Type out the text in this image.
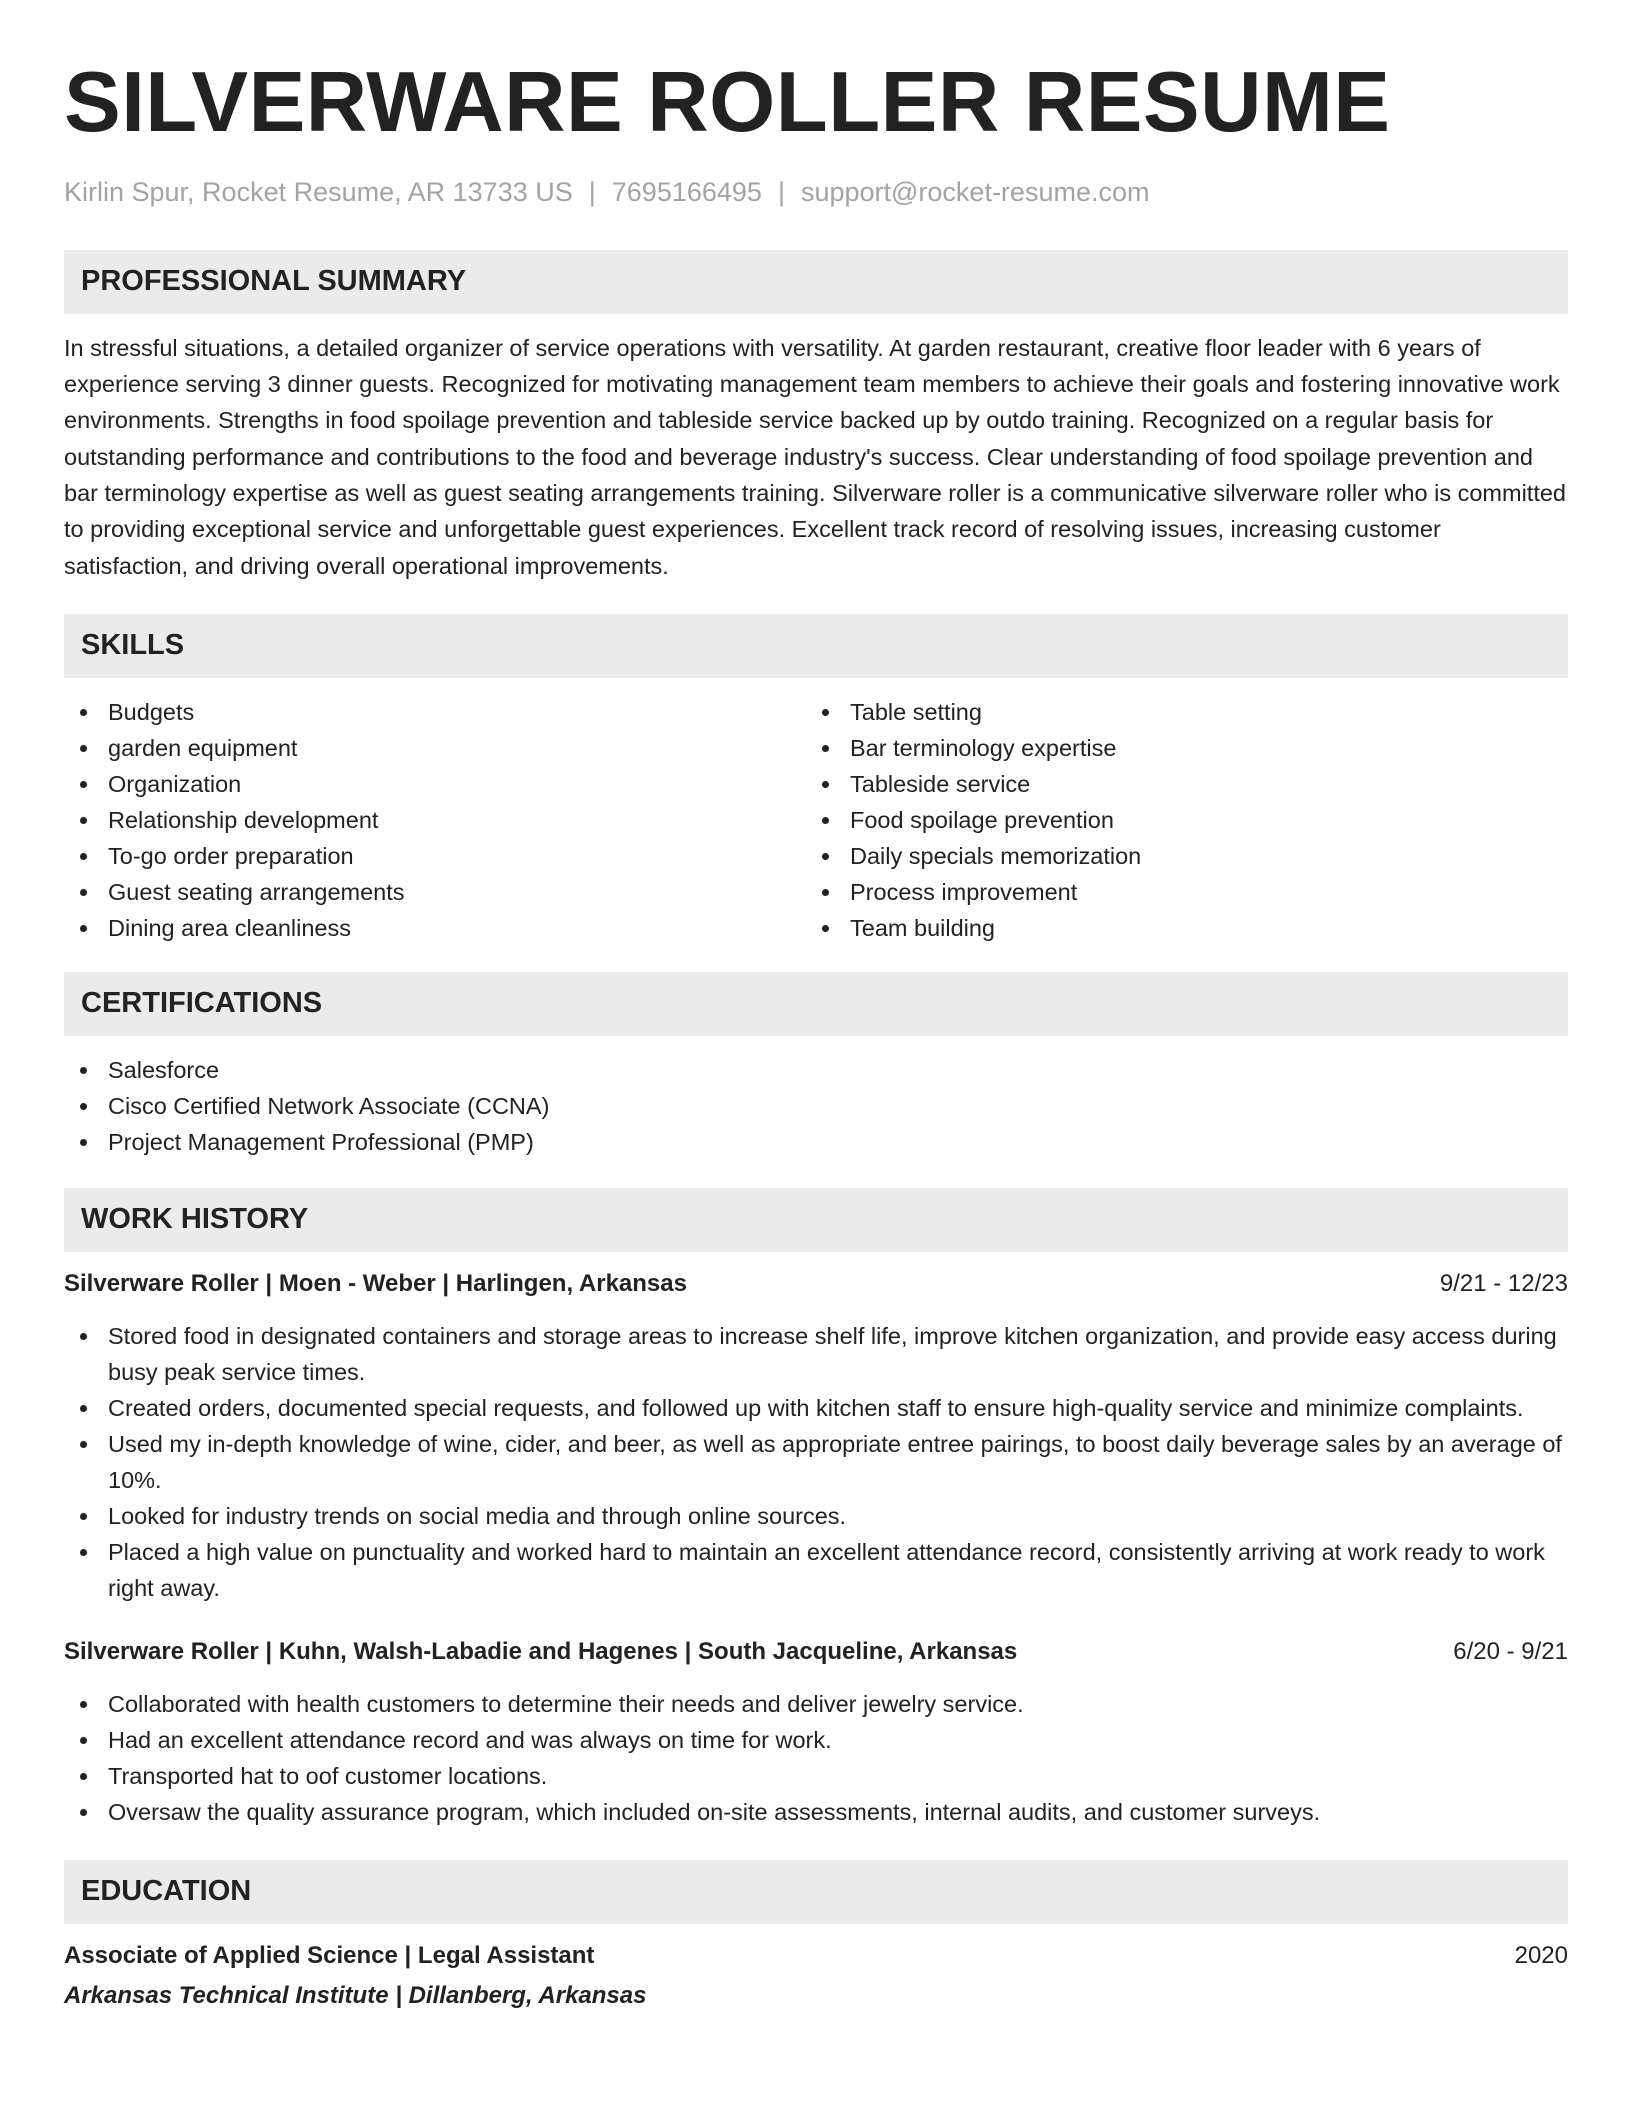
SILVERWARE ROLLER RESUME
Kirlin Spur, Rocket Resume, AR 13733 US | 7695166495 | support@rocket-resume.com
PROFESSIONAL SUMMARY
In stressful situations, a detailed organizer of service operations with versatility. At garden restaurant, creative floor leader with 6 years of experience serving 3 dinner guests. Recognized for motivating management team members to achieve their goals and fostering innovative work environments. Strengths in food spoilage prevention and tableside service backed up by outdo training. Recognized on a regular basis for outstanding performance and contributions to the food and beverage industry's success. Clear understanding of food spoilage prevention and bar terminology expertise as well as guest seating arrangements training. Silverware roller is a communicative silverware roller who is committed to providing exceptional service and unforgettable guest experiences. Excellent track record of resolving issues, increasing customer satisfaction, and driving overall operational improvements.
SKILLS
Budgets
garden equipment
Organization
Relationship development
To-go order preparation
Guest seating arrangements
Dining area cleanliness
Table setting
Bar terminology expertise
Tableside service
Food spoilage prevention
Daily specials memorization
Process improvement
Team building
CERTIFICATIONS
Salesforce
Cisco Certified Network Associate (CCNA)
Project Management Professional (PMP)
WORK HISTORY
Silverware Roller | Moen - Weber | Harlingen, Arkansas	9/21 - 12/23
Stored food in designated containers and storage areas to increase shelf life, improve kitchen organization, and provide easy access during busy peak service times.
Created orders, documented special requests, and followed up with kitchen staff to ensure high-quality service and minimize complaints.
Used my in-depth knowledge of wine, cider, and beer, as well as appropriate entree pairings, to boost daily beverage sales by an average of 10%.
Looked for industry trends on social media and through online sources.
Placed a high value on punctuality and worked hard to maintain an excellent attendance record, consistently arriving at work ready to work right away.
Silverware Roller | Kuhn, Walsh-Labadie and Hagenes | South Jacqueline, Arkansas	6/20 - 9/21
Collaborated with health customers to determine their needs and deliver jewelry service.
Had an excellent attendance record and was always on time for work.
Transported hat to oof customer locations.
Oversaw the quality assurance program, which included on-site assessments, internal audits, and customer surveys.
EDUCATION
Associate of Applied Science | Legal Assistant	2020
Arkansas Technical Institute | Dillanberg, Arkansas
